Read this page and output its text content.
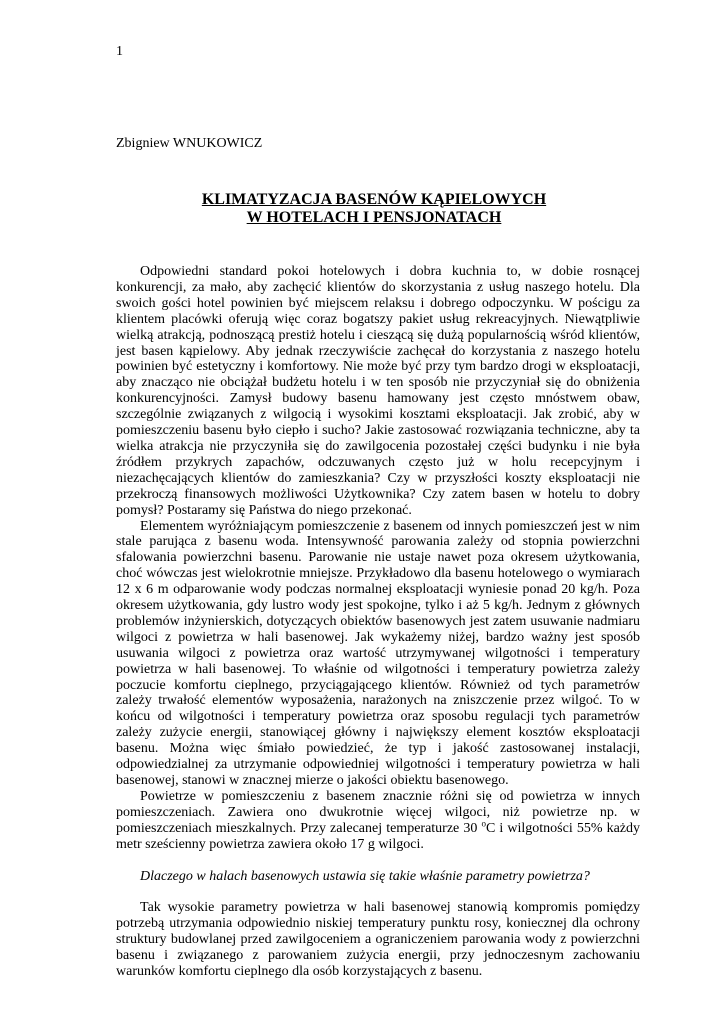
1
Zbigniew WNUKOWICZ
KLIMATYZACJA BASENÓW KĄPIELOWYCH
W HOTELACH I PENSJONATACH

Odpowiedni standard pokoi hotelowych i dobra kuchnia to, w dobie rosnącej konkurencji, za mało, aby zachęcić klientów do skorzystania z usług naszego hotelu. Dla swoich gości hotel powinien być miejscem relaksu i dobrego odpoczynku. W pościgu za klientem placówki oferują więc coraz bogatszy pakiet usług rekreacyjnych. Niewątpliwie wielką atrakcją, podnoszącą prestiż hotelu i cieszącą się dużą popularnością wśród klientów, jest basen kąpielowy. Aby jednak rzeczywiście zachęcał do korzystania z naszego hotelu powinien być estetyczny i komfortowy. Nie może być przy tym bardzo drogi w eksploatacji, aby znacząco nie obciążał budżetu hotelu i w ten sposób nie przyczyniał się do obniżenia konkurencyjności. Zamysł budowy basenu hamowany jest często mnóstwem obaw, szczególnie związanych z wilgocią i wysokimi kosztami eksploatacji. Jak zrobić, aby w pomieszczeniu basenu było ciepło i sucho? Jakie zastosować rozwiązania techniczne, aby ta wielka atrakcja nie przyczyniła się do zawilgocenia pozostałej części budynku i nie była źródłem przykrych zapachów, odczuwanych często już w holu recepcyjnym i niezachęcających klientów do zamieszkania? Czy w przyszłości koszty eksploatacji nie przekroczą finansowych możliwości Użytkownika? Czy zatem basen w hotelu to dobry pomysł? Postaramy się Państwa do niego przekonać.

Elementem wyróżniającym pomieszczenie z basenem od innych pomieszczeń jest w nim stale parująca z basenu woda. Intensywność parowania zależy od stopnia powierzchni sfalowania powierzchni basenu. Parowanie nie ustaje nawet poza okresem użytkowania, choć wówczas jest wielokrotnie mniejsze. Przykładowo dla basenu hotelowego o wymiarach 12 x 6 m odparowanie wody podczas normalnej eksploatacji wyniesie ponad 20 kg/h. Poza okresem użytkowania, gdy lustro wody jest spokojne, tylko i aż 5 kg/h. Jednym z głównych problemów inżynierskich, dotyczących obiektów basenowych jest zatem usuwanie nadmiaru wilgoci z powietrza w hali basenowej. Jak wykażemy niżej, bardzo ważny jest sposób usuwania wilgoci z powietrza oraz wartość utrzymywanej wilgotności i temperatury powietrza w hali basenowej. To właśnie od wilgotności i temperatury powietrza zależy poczucie komfortu cieplnego, przyciągającego klientów. Również od tych parametrów zależy trwałość elementów wyposażenia, narażonych na zniszczenie przez wilgoć. To w końcu od wilgotności i temperatury powietrza oraz sposobu regulacji tych parametrów zależy zużycie energii, stanowiącej główny i największy element kosztów eksploatacji basenu. Można więc śmiało powiedzieć, że typ i jakość zastosowanej instalacji, odpowiedzialnej za utrzymanie odpowiedniej wilgotności i temperatury powietrza w hali basenowej, stanowi w znacznej mierze o jakości obiektu basenowego.

Powietrze w pomieszczeniu z basenem znacznie różni się od powietrza w innych pomieszczeniach. Zawiera ono dwukrotnie więcej wilgoci, niż powietrze np. w pomieszczeniach mieszkalnych. Przy zalecanej temperaturze 30 $^o$C i wilgotności 55% każdy metr sześcienny powietrza zawiera około 17 g wilgoci.

Dlaczego w halach basenowych ustawia się takie właśnie parametry powietrza?

Tak wysokie parametry powietrza w hali basenowej stanowią kompromis pomiędzy potrzebą utrzymania odpowiednio niskiej temperatury punktu rosy, koniecznej dla ochrony struktury budowlanej przed zawilgoceniem a ograniczeniem parowania wody z powierzchni basenu i związanego z parowaniem zużycia energii, przy jednoczesnym zachowaniu warunków komfortu cieplnego dla osób korzystających z basenu.
